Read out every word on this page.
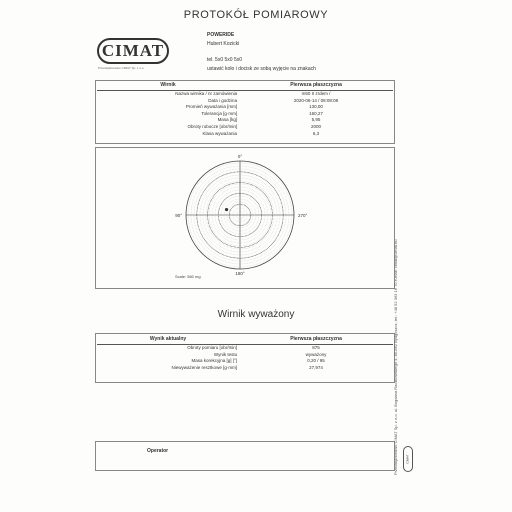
PROTOKÓŁ POMIAROWY
CIMAT
Przedsiębiorstwo CIMAT Sp. z o.o.
POWERIDE
Hubert Kozicki
tel. 5x0 5x0 5x0
ustawić koło i docisk ze sobą wyjęcie na znakach
Wirnik	Pierwsza płaszczyzna
Nazwa wirnika / nr zamówienia	m50 II zrdem /
Data i godzina	2020-06-14 / 08:08:08
Promień wyważania [mm]	130,00
Tolerancja [g·mm]	160,27
Masa [kg]	5,95
Obroty robocze [obr/min]	2000
Klasa wyważania	6,3
0°
90°
180°
270°
Scale: 560 mg
Wirnik wyważony
Wynik aktualny	Pierwsza płaszczyzna
Obroty pomiaru [obr/min]	875
Wynik testu	wyważony
Masa korekcyjna [g] [°]	0,20 / 95
Niewyważenie resztkowe [g·mm]	27,974
Operator	Przedsiębiorstwo CIMAT Sp. z o.o. ul. Bogdana Raczkowskiego 4, 85-862 Bydgoszcz, tel.: +48 52 363 16 70 e-mail: cimat@cimat.eu	CIMAT
